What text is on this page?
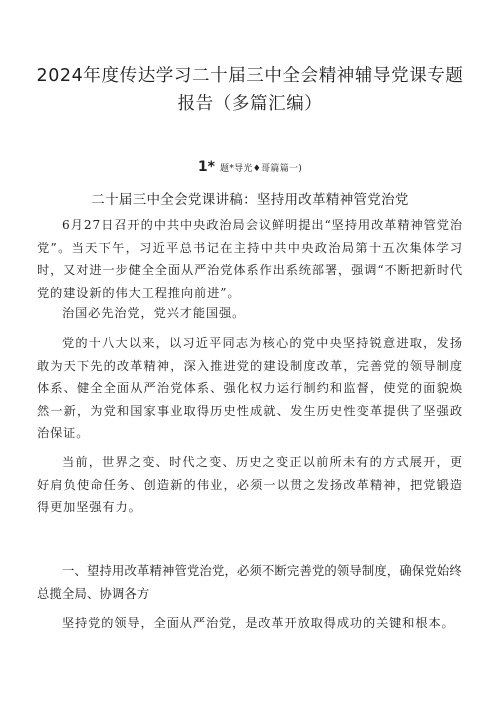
2024年度传达学习二十届三中全会精神辅导党课专题
报告（多篇汇编）
1* 题*导光♦哥篇篇一)
二十届三中全会党课讲稿：坚持用改革精神管党治党

6月27日召开的中共中央政治局会议鲜明提出“坚持用改革精神管党治党”。当天下午，习近平总书记在主持中共中央政治局第十五次集体学习时，又对进一步健全全面从严治党体系作出系统部署，强调“不断把新时代党的建设新的伟大工程推向前进”。

治国必先治党，党兴才能国强。

党的十八大以来，以习近平同志为核心的党中央坚持锐意进取，发扬敢为天下先的改革精神，深入推进党的建设制度改革，完善党的领导制度体系、健全全面从严治党体系、强化权力运行制约和监督，使党的面貌焕然一新，为党和国家事业取得历史性成就、发生历史性变革提供了坚强政治保证。

当前，世界之变、时代之变、历史之变正以前所未有的方式展开，更好肩负使命任务、创造新的伟业，必须一以贯之发扬改革精神，把党锻造得更加坚强有力。

一、望持用改革精神管党治党，必须不断完善党的领导制度，确保党始终总揽全局、协调各方

坚持党的领导，全面从严治党，是改革开放取得成功的关键和根本。
